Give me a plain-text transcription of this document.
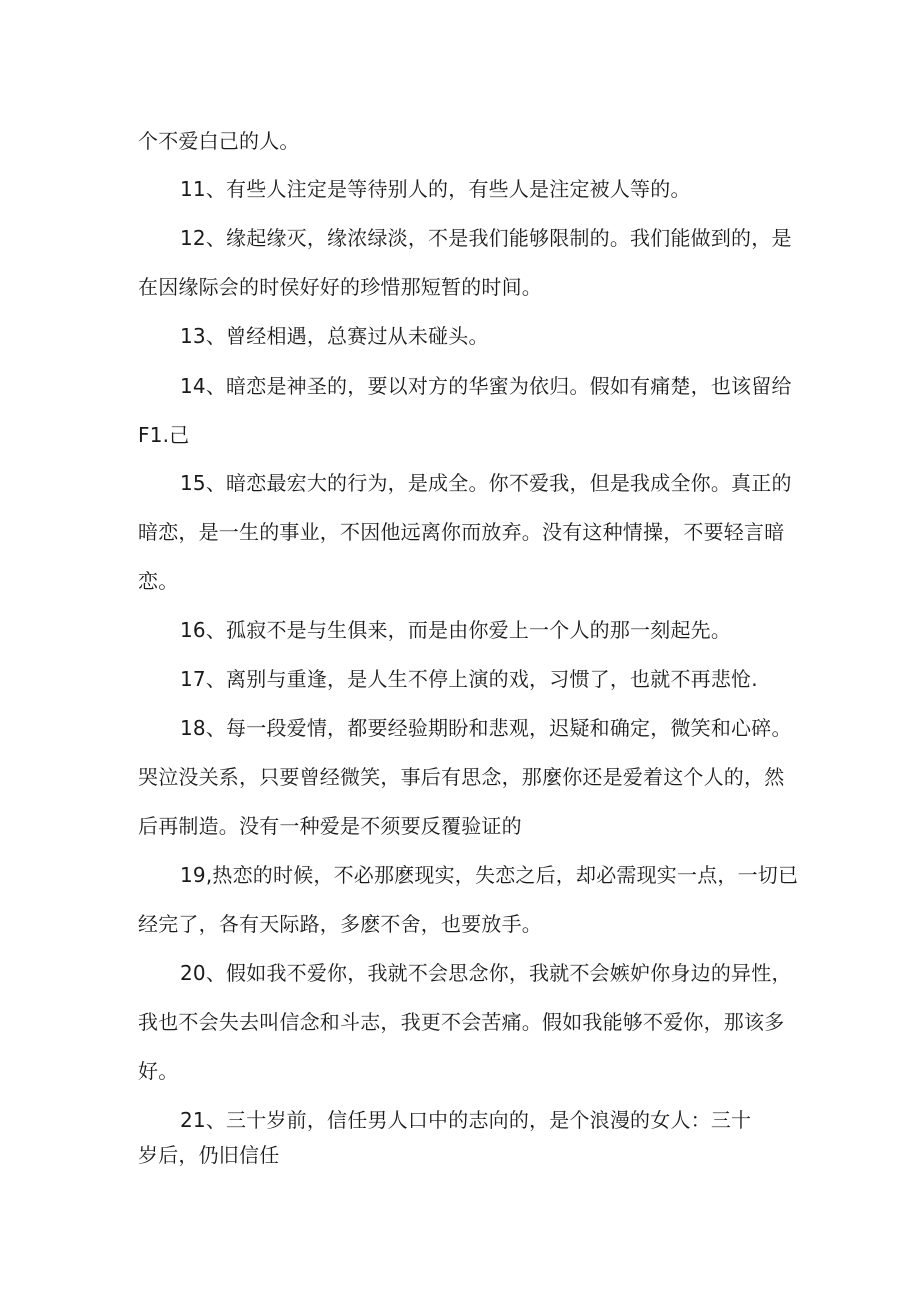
个不爱白己的人。
11、有些人注定是等待别人的，有些人是注定被人等的。
12、缘起缘灭，缘浓绿淡，不是我们能够限制的。我们能做到的，是
在因缘际会的时侯好好的珍惜那短暂的时间。
13、曾经相遇，总赛过从未碰头。
14、暗恋是神圣的，要以对方的华蜜为依归。假如有痛楚，也该留给
F1.己
15、暗恋最宏大的行为，是成全。你不爱我，但是我成全你。真正的
暗恋，是一生的事业，不因他远离你而放弃。没有这种情操，不要轻言暗
恋。
16、孤寂不是与生俱来，而是由你爱上一个人的那一刻起先。
17、离别与重逢，是人生不停上演的戏，习惯了，也就不再悲怆.
18、每一段爱情，都要经验期盼和悲观，迟疑和确定，微笑和心碎。
哭泣没关系，只要曾经微笑，事后有思念，那麼你还是爱着这个人的，然
后再制造。没有一种爱是不须要反覆验证的
19,热恋的时候，不必那麽现实，失恋之后，却必需现实一点，一切已
经完了，各有天际路，多麽不舍，也要放手。
20、假如我不爱你，我就不会思念你，我就不会嫉妒你身边的异性，
我也不会失去叫信念和斗志，我更不会苦痛。假如我能够不爱你，那该多
好。
21、三十岁前，信任男人口中的志向的，是个浪漫的女人：三十
岁后，仍旧信任
